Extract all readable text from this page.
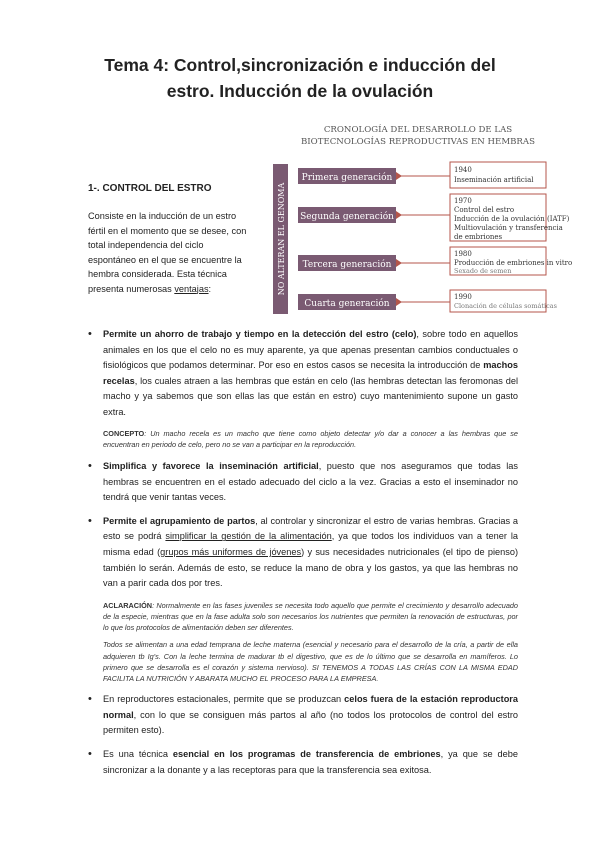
Tema 4: Control,sincronización e inducción del
estro. Inducción de la ovulación
CRONOLOGÍA DEL DESARROLLO DE LAS
BIOTECNOLOGÍAS REPRODUCTIVAS EN HEMBRAS
NO ALTERAN EL GENOMA
Primera generación
1940
Inseminación artificial
Segunda generación
1970
Control del estro
Inducción de la ovulación (IATF)
Multiovulación y transferencia
de embriones
Tercera generación
1980
Producción de embriones in vitro
Sexado de semen
Cuarta generación
1990
Clonación de células somáticas
1-. CONTROL DEL ESTRO
Consiste en la inducción de un estro
fértil en el momento que se desee, con
total independencia del ciclo
espontáneo en el que se encuentre la
hembra considerada. Esta técnica
presenta numerosas ventajas:

• Permite un ahorro de trabajo y tiempo en la detección del estro (celo), sobre todo en aquellos animales en los que el celo no es muy aparente, ya que apenas presentan cambios conductuales o fisiológicos que podamos determinar. Por eso en estos casos se necesita la introducción de machos recelas, los cuales atraen a las hembras que están en celo (las hembras detectan las feromonas del macho y ya sabemos que son ellas las que están en estro) cuyo mantenimiento supone un gasto extra.

CONCEPTO: Un macho recela es un macho que tiene como objeto detectar y/o dar a conocer a las hembras que se encuentran en periodo de celo, pero no se van a participar en la reproducción.

• Simplifica y favorece la inseminación artificial, puesto que nos aseguramos que todas las hembras se encuentren en el estado adecuado del ciclo a la vez. Gracias a esto el inseminador no tendrá que venir tantas veces.

• Permite el agrupamiento de partos, al controlar y sincronizar el estro de varias hembras. Gracias a esto se podrá simplificar la gestión de la alimentación, ya que todos los individuos van a tener la misma edad (grupos más uniformes de jóvenes) y sus necesidades nutricionales (el tipo de pienso) también lo serán. Además de esto, se reduce la mano de obra y los gastos, ya que las hembras no van a parir cada dos por tres.

ACLARACIÓN: Normalmente en las fases juveniles se necesita todo aquello que permite el crecimiento y desarrollo adecuado de la especie, mientras que en la fase adulta solo son necesarios los nutrientes que permiten la renovación de estructuras, por lo que los protocolos de alimentación deben ser diferentes.

Todos se alimentan a una edad temprana de leche materna (esencial y necesario para el desarrollo de la cría, a partir de ella adquieren tb Ig's. Con la leche termina de madurar tb el digestivo, que es de lo último que se desarrolla en mamíferos. Lo primero que se desarrolla es el corazón y sistema nervioso). SI TENEMOS A TODAS LAS CRÍAS CON LA MISMA EDAD FACILITA LA NUTRICIÓN Y ABARATA MUCHO EL PROCESO PARA LA EMPRESA.

• En reproductores estacionales, permite que se produzcan celos fuera de la estación reproductora normal, con lo que se consiguen más partos al año (no todos los protocolos de control del estro permiten esto).

• Es una técnica esencial en los programas de transferencia de embriones, ya que se debe sincronizar a la donante y a las receptoras para que la transferencia sea exitosa.
